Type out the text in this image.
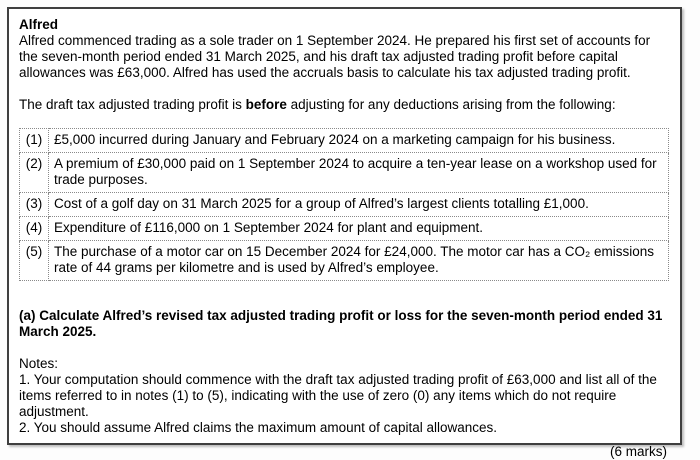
Alfred

Alfred commenced trading as a sole trader on 1 September 2024. He prepared his first set of accounts for the seven-month period ended 31 March 2025, and his draft tax adjusted trading profit before capital allowances was £63,000. Alfred has used the accruals basis to calculate his tax adjusted trading profit.

The draft tax adjusted trading profit is before adjusting for any deductions arising from the following:

(1)	£5,000 incurred during January and February 2024 on a marketing campaign for his business.
(2)	A premium of £30,000 paid on 1 September 2024 to acquire a ten-year lease on a workshop used for trade purposes.
(3)	Cost of a golf day on 31 March 2025 for a group of Alfred’s largest clients totalling £1,000.
(4)	Expenditure of £116,000 on 1 September 2024 for plant and equipment.
(5)	The purchase of a motor car on 15 December 2024 for £24,000. The motor car has a CO₂ emissions rate of 44 grams per kilometre and is used by Alfred’s employee.

(a) Calculate Alfred’s revised tax adjusted trading profit or loss for the seven-month period ended 31 March 2025.

Notes:

1. Your computation should commence with the draft tax adjusted trading profit of £63,000 and list all of the items referred to in notes (1) to (5), indicating with the use of zero (0) any items which do not require adjustment.

2. You should assume Alfred claims the maximum amount of capital allowances.

(6 marks)
